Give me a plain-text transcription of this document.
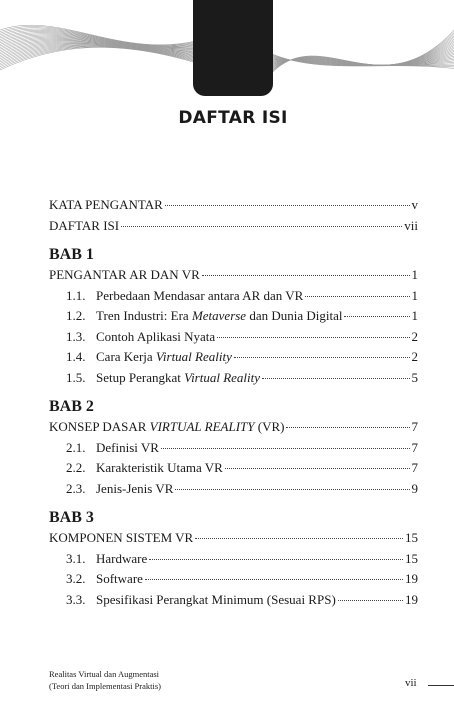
DAFTAR ISI
KATA PENGANTAR	v
DAFTAR ISI	vii
BAB 1
PENGANTAR AR DAN VR	1
1.1. Perbedaan Mendasar antara AR dan VR	1
1.2. Tren Industri: Era Metaverse dan Dunia Digital	1
1.3. Contoh Aplikasi Nyata	2
1.4. Cara Kerja Virtual Reality	2
1.5. Setup Perangkat Virtual Reality	5
BAB 2
KONSEP DASAR VIRTUAL REALITY (VR)	7
2.1. Definisi VR	7
2.2. Karakteristik Utama VR	7
2.3. Jenis-Jenis VR	9
BAB 3
KOMPONEN SISTEM VR	15
3.1. Hardware	15
3.2. Software	19
3.3. Spesifikasi Perangkat Minimum (Sesuai RPS)	19
Realitas Virtual dan Augmentasi
(Teori dan Implementasi Praktis)	vii
